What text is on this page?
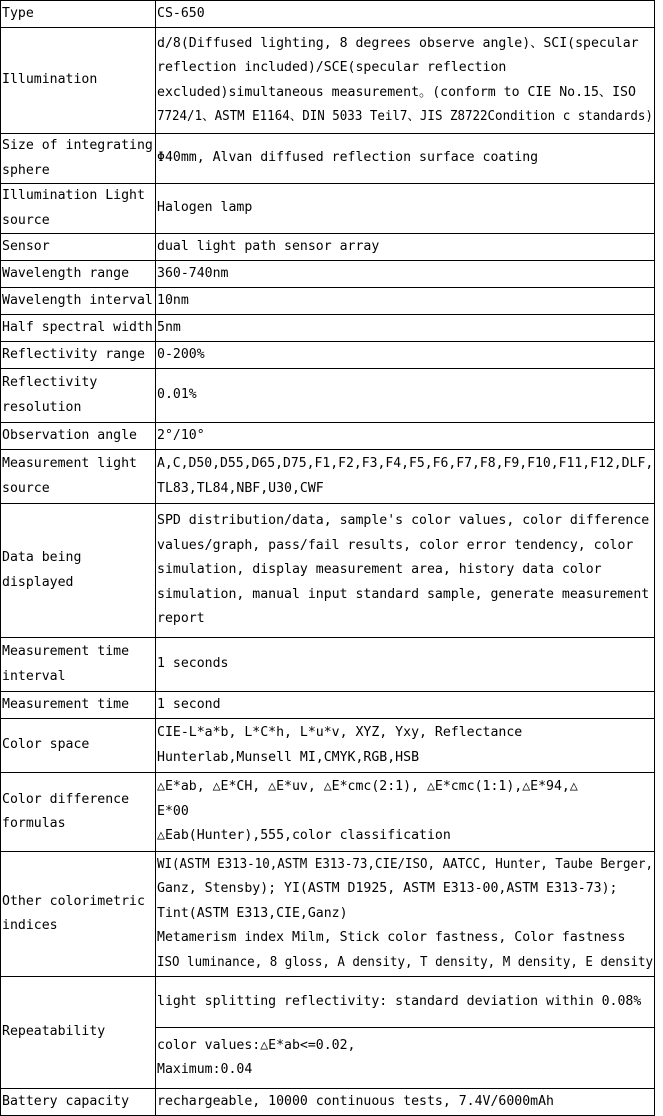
Type	CS-650

Illumination	d/8(Diffused lighting, 8 degrees observe angle)、SCI(specular
reflection included)/SCE(specular reflection
excluded)simultaneous measurement。(conform to CIE No.15、ISO
7724/1、ASTM E1164、DIN 5033 Teil7、JIS Z8722Condition c standards)

Size of integrating sphere	Φ40mm, Alvan diffused reflection surface coating

Illumination Light source	Halogen lamp

Sensor	dual light path sensor array

Wavelength range	360-740nm

Wavelength interval	10nm

Half spectral width	5nm

Reflectivity range	0-200%

Reflectivity resolution	0.01%

Observation angle	2°/10°

Measurement light source	A,C,D50,D55,D65,D75,F1,F2,F3,F4,F5,F6,F7,F8,F9,F10,F11,F12,DLF,
TL83,TL84,NBF,U30,CWF

Data being displayed	SPD distribution/data, sample's color values, color difference
values/graph, pass/fail results, color error tendency, color
simulation, display measurement area, history data color
simulation, manual input standard sample, generate measurement
report

Measurement time interval	1 seconds

Measurement time	1 second

Color space	CIE-L*a*b, L*C*h, L*u*v, XYZ, Yxy, Reflectance
Hunterlab,Munsell MI,CMYK,RGB,HSB

Color difference formulas	△E*ab, △E*CH, △E*uv, △E*cmc(2:1), △E*cmc(1:1),△E*94,△
E*00
△Eab(Hunter),555,color classification

Other colorimetric indices	WI(ASTM E313-10,ASTM E313-73,CIE/ISO, AATCC, Hunter, Taube Berger,
Ganz, Stensby); YI(ASTM D1925, ASTM E313-00,ASTM E313-73);
Tint(ASTM E313,CIE,Ganz)
Metamerism index Milm, Stick color fastness, Color fastness
ISO luminance, 8 gloss, A density, T density, M density, E density

Repeatability	light splitting reflectivity: standard deviation within 0.08%

	color values:△E*ab<=0.02,
Maximum:0.04

Battery capacity	rechargeable, 10000 continuous tests, 7.4V/6000mAh
